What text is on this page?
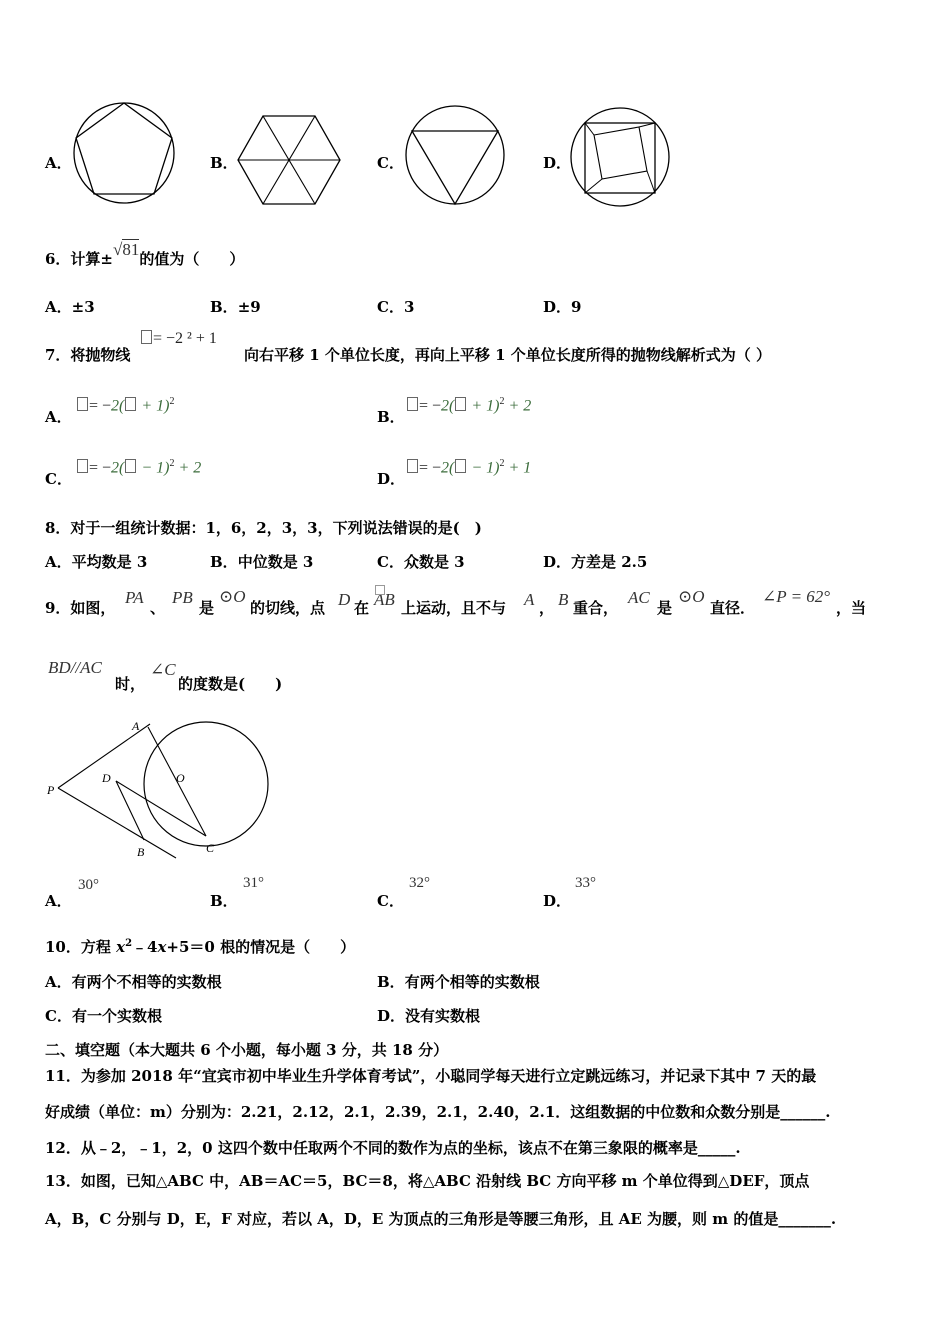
A．	B．	C．	D．
6．计算±√81的值为（　　）
A．±3	B．±9	C．3	D．9
7．将抛物线
= −2 ² + 1
向右平移 1 个单位长度，再向上平移 1 个单位长度所得的抛物线解析式为（ ）
A．
= $-2( + 1)^2$
B．
= $-2( + 1)^2 + 2$
C．
= $-2( - 1)^2 + 2$
D．
= $-2( - 1)^2 + 1$
8．对于一组统计数据：1，6，2，3，3，下列说法错误的是(　)
A．平均数是 3	B．中位数是 3	C．众数是 3	D．方差是 2.5
9．如图，
PA
、
PB
是
⊙O
的切线，点 D 在 AB 上运动，且不与 A ， B 重合，
AC
是
⊙O
直径．
∠P = 62°
，当
BD//AC
时，
∠C
的度数是(　　)
A
O
P
D
B	C
A．
30°
B．
31°
C．
32°
D．
33°
10．方程 $x^2﹣4x+5=0$ 根的情况是（　　）
A．有两个不相等的实数根	B．有两个相等的实数根
C．有一个实数根	D．没有实数根
二、填空题（本大题共 6 个小题，每小题 3 分，共 18 分）
11．为参加 2018 年“宜宾市初中毕业生升学体育考试”，小聪同学每天进行立定跳远练习，并记录下其中 7 天的最
好成绩（单位：m）分别为：2.21，2.12，2.1，2.39，2.1，2.40，2.1．这组数据的中位数和众数分别是______.
12．从﹣2，﹣1，2，0 这四个数中任取两个不同的数作为点的坐标，该点不在第三象限的概率是_____.
13．如图，已知△ABC 中，AB＝AC＝5，BC＝8，将△ABC 沿射线 BC 方向平移 m 个单位得到△DEF，顶点
A，B，C 分别与 D，E，F 对应，若以 A，D，E 为顶点的三角形是等腰三角形，且 AE 为腰，则 m 的值是_______.
